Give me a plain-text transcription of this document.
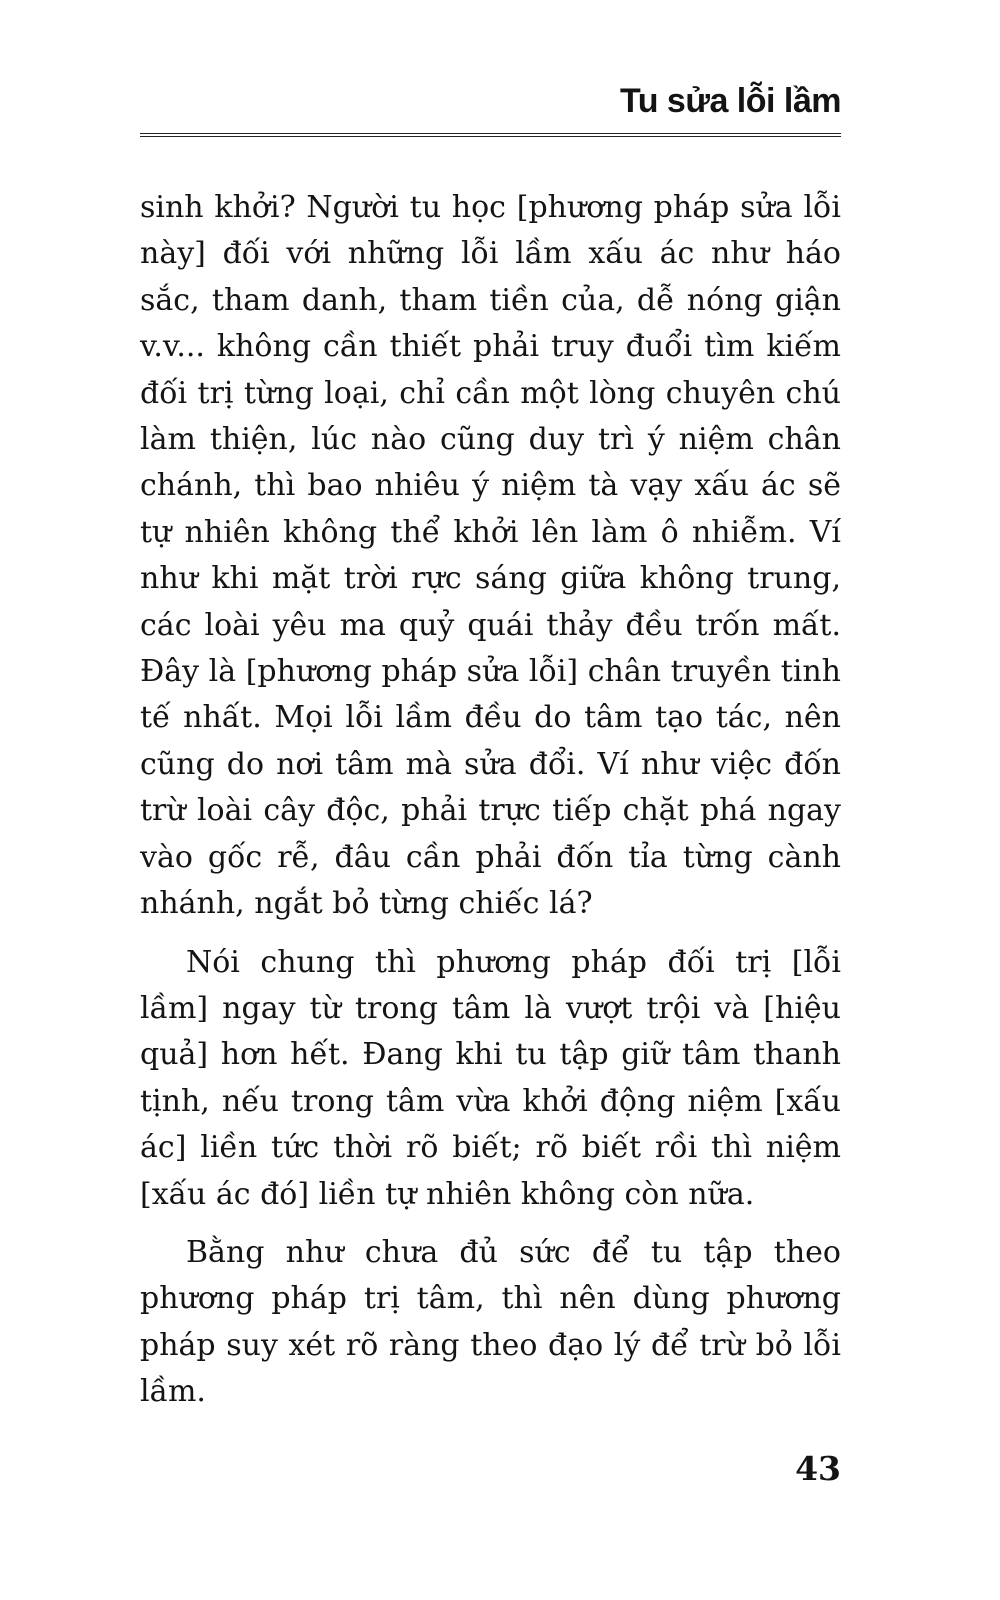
Tu sửa lỗi lầm

sinh khởi? Người tu học [phương pháp sửa lỗi này] đối với những lỗi lầm xấu ác như háo sắc, tham danh, tham tiền của, dễ nóng giận v.v... không cần thiết phải truy đuổi tìm kiếm đối trị từng loại, chỉ cần một lòng chuyên chú làm thiện, lúc nào cũng duy trì ý niệm chân chánh, thì bao nhiêu ý niệm tà vạy xấu ác sẽ tự nhiên không thể khởi lên làm ô nhiễm. Ví như khi mặt trời rực sáng giữa không trung, các loài yêu ma quỷ quái thảy đều trốn mất. Đây là [phương pháp sửa lỗi] chân truyền tinh tế nhất. Mọi lỗi lầm đều do tâm tạo tác, nên cũng do nơi tâm mà sửa đổi. Ví như việc đốn trừ loài cây độc, phải trực tiếp chặt phá ngay vào gốc rễ, đâu cần phải đốn tỉa từng cành nhánh, ngắt bỏ từng chiếc lá?

Nói chung thì phương pháp đối trị [lỗi lầm] ngay từ trong tâm là vượt trội và [hiệu quả] hơn hết. Đang khi tu tập giữ tâm thanh tịnh, nếu trong tâm vừa khởi động niệm [xấu ác] liền tức thời rõ biết; rõ biết rồi thì niệm [xấu ác đó] liền tự nhiên không còn nữa.

Bằng như chưa đủ sức để tu tập theo phương pháp trị tâm, thì nên dùng phương pháp suy xét rõ ràng theo đạo lý để trừ bỏ lỗi lầm.

43
